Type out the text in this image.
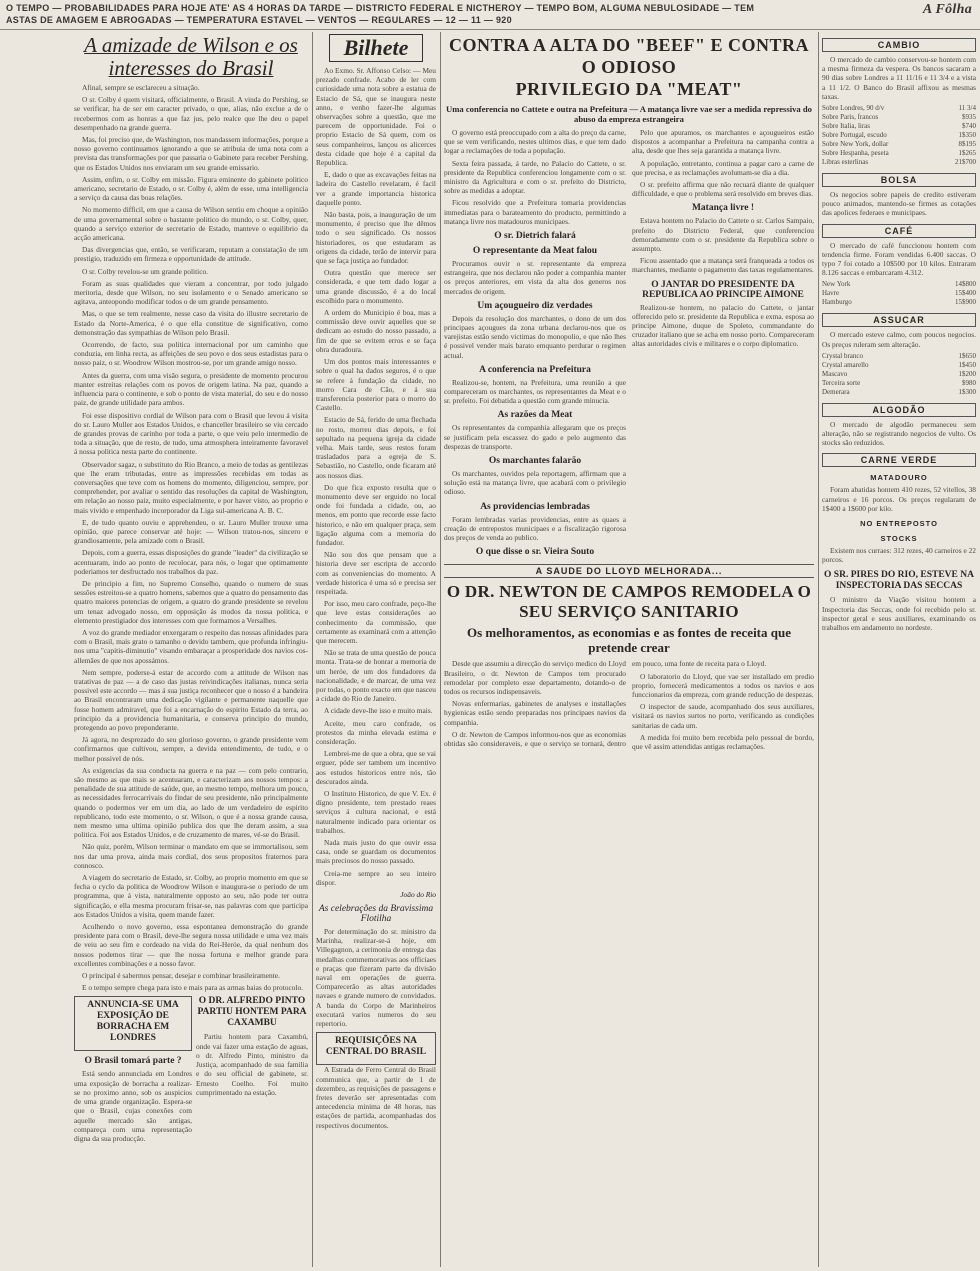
O TEMPO — PROBABILIDADES PARA HOJE ATE' AS 4 HORAS DA TARDE — DISTRICTO FEDERAL E NICTHEROY — TEMPO BOM, ALGUMA NEBULOSIDADE — TEM
ASTAS DE AMAGEM E ABROGADAS — TEMPERATURA ESTAVEL — VENTOS — REGULARES — 12 — 11 — 920
A Fôlha
A amizade de Wilson e os interesses do Brasil

Afinal, sempre se esclareceu a situação.

O sr. Colby é quem visitará, officialmente, o Brasil. A vinda do Pershing, se se verificar, ha de ser em caracter privado, o que, alias, não exclue a de o recebermos com as honras a que faz jus, pelo realce que lhe deu o papel desempenhado na grande guerra.

Mas, foi preciso que, de Washington, nos mandassem informações, porque a nosso governo continuamos ignorando a que se atribuia de uma nota com a prevista das transformações por que passaria o Gabinete para receber Pershing, que os Estados Unidos nos enviaram um seu grande emissario.

Assim, enfim, o sr. Colby em missão. Figura eminente do gabinete politico americano, secretario de Estado, o sr. Colby é, além de esse, uma intelligencia a serviço da causa das boas relações.

No momento difficil, em que a causa de Wilson sentiu em choque a opinião de uma governamental sobre o bastante politico do mundo, o sr. Colby, quer, quando a serviço exterior de secretario de Estado, manteve o equilibrio da acção americana.

Das divergencias que, então, se verificaram, reputam a constatação de um prestigio, traduzido em firmeza e opportunidade de attitude.

O sr. Colby revelou-se um grande politico.

Foram as suas qualidades que vieram a concentrar, por todo julgado meritoria, desde que Wilson, no seu isolamento e o Senado americano se agitava, anteopondo modificar todos o de um grande pensamento.

Mas, o que se tem realmente, nesse caso da visita do illustre secretario de Estado da Norte-America, é o que ella constitue de significativo, como demonstração das sympathias de Wilson pelo Brasil.

Ocorrendo, de facto, sua politica internacional por um caminho que conduzia, em linha recta, as affeições de seu povo e dos seus estadistas para o nosso paiz, o sr. Woodrow Wilson mostrou-se, por um grande amigo nosso.

Antes da guerra, com uma visão segura, o presidente de momento procurou manter estreitas relações com os povos de origem latina. Na paz, quando a influencia para o continente, e sob o ponto de vista material, do seu e do nosso paiz, de grande utilidade para ambos.

Foi esse dispositivo cordial de Wilson para com o Brasil que levou á visita do sr. Lauro Muller aos Estados Unidos, e chanceller brasileiro se viu cercado de grandes provas de carinho por toda a parte, o que veiu pelo intermedio de toda a situação, que de resto, de tudo, uma atmosphera inteiramente favoravel á nossa politica nesta parte do continente.

Observador sagaz, o substituto do Rio Branco, a meio de todas as gentilezas que lhe eram tributadas, entre as impressões recebidas em todas as conversações que teve com os homens do momento, diligenciou, sempre, por comprehender, por avaliar o sentido das resoluções da capital de Washington, em relação ao nosso paiz, muito especialmente, e por haver visto, ao proprio e mais vivido e empenhado incorporador da Liga sul-americana A. B. C.

E, de tudo quanto ouviu e apprehendeu, o sr. Lauro Muller trouxe uma opinião, que parece conservar até hoje: — Wilson tratou-nos, sincero e grandiosamente, pela amizade com o Brasil.

Depois, com a guerra, essas disposições do grande "leader" da civilização se acentuaram, indo ao ponto de recolocar, para nós, o logar que optimamente poderiamos ter desfructado nos trabalhos da paz.

De principio a fim, no Supremo Conselho, quando o numero de suas sessões estreitou-se a quatro homens, sabemos que a quatro do pensamento das quatro maiores potencias de origem, a quatro do grande presidente se revelou um tenaz advogado nosso, em opposição ás modos da nossa politica, e elemento prestigiador dos interesses com que formamos a Versalhes.

A voz do grande mediador enxergaram o respeito das nossas afinidades para com o Brasil, mais grato o tamanho o devido tambem, que profunda infringiu-nos uma "capitis-diminutio" visando embaraçar a prosperidade dos navios cos-allemães de que nos apossámos.

Nem sempre, poderse-á estar de accordo com a attitude de Wilson nas tratativas de paz — a de caso das justas reivindicações italianas, nunca seria possivel este accordo — mas á sua justiça reconhecer que o nosso é a bandeira ao Brasil encontraram uma dedicação vigilante e permanente naquelle que fosse homem admiravel, que foi a encarnação do espirito Estado da terra, ao principio da a providencia humanitaria, e conserva principio do mundo, protegendo ao povo preponderante.

Já agora, no desprezado do seu glorioso governo, o grande presidente vem confirmarnos que cultivou, sempre, a devida entendimento, de tudo, e o melhor possivel de nós.

As exigencias da sua conducta na guerra e na paz — com pelo contrario, são mesmo as que mais se acentuaram, e caracterizam aos nossos tempos: a penalidade de sua attitude de saúde, que, ao mesmo tempo, melhora um pouco, as necessidades ferrocarrivais do findar de seu presidente, não principalmente quando o podermos ver em um dia, ao lado de um verdadeiro de espirito republicano, todo este momento, o sr. Wilson, o que é a nossa grande causa, nem mesmo uma ultima opinião publica dos que lhe deram assim, a sua politica. Foi aos Estados Unidos, e de cruzamento de mares, vé-se do Brasil.

Não quiz, porém, Wilson terminar o mandato em que se immortalisou, sem nos dar uma prova, ainda mais cordial, dos seus propositos fraternos para connosco.

A viagem do secretario de Estado, sr. Colby, ao proprio momento em que se fecha o cyclo da politica de Woodrow Wilson e inaugura-se o periodo de um programma, que á vista, naturalmente opposto ao seu, não pode ter outra significação, e ella mesma procuram frisar-se, nas palavras com que participa aos Estados Unidos a visita, quem mande fazer.

Acolhendo o novo governo, essa espontanea demonstração do grande presidente para com o Brasil, deve-lhe segura nossa utilidade e uma vez mais de veiu ao seu fim e cordeado na vida do Rei-Heróe, da qual nenhum dos nossos podemos tirar — que lhe nossa fortuna e melhor grande para excellentes combinações e a nosso favor.

O principal é sabermos pensar, desejar e combinar brasileiramente.

E o tempo sempre chega para isto e mais para as armas baias do protocolo.

ANNUNCIA-SE UMA EXPOSIÇÃO DE BORRACHA EM LONDRES
O Brasil tomará parte ?

Está sendo annunciada em Londres uma exposição de borracha a realizar-se no proximo anno, sob os auspicios de uma grande organização. Espera-se que o Brasil, cujas conexões com aquelle mercado são antigas, compareça com uma representação digna da sua producção.

O DR. ALFREDO PINTO PARTIU HONTEM PARA CAXAMBU

Partiu hontem para Caxambú, onde vai fazer uma estação de aguas, o dr. Alfredo Pinto, ministro da Justiça, acompanhado de sua familia e do seu official de gabinete, sr. Ernesto Coelho. Foi muito cumprimentado na estação.

Bilhete

Ao Exmo. Sr. Affonso Celso: — Meu prezado confrade. Acabo de ler com curiosidade uma nota sobre a estatua de Estacio de Sá, que se inaugura neste anno, e venho fazer-lhe algumas observações sobre a questão, que me parecem de opportunidade. Foi o proprio Estacio de Sá quem, com os seus companheiros, lançou os alicerces desta cidade que hoje é a capital da Republica.

E, dado o que as excavações feitas na ladeira do Castello revelaram, é facil ver a grande importancia historica daquelle ponto.

Não basta, pois, a inauguração de um monumento, é preciso que lhe dêmos todo o seu significado. Os nossos historiadores, os que estudaram as origens da cidade, terão de intervir para que se faça justiça ao fundador.

Outra questão que merece ser considerada, e que tem dado logar a uma grande discussão, é a do local escolhido para o monumento.

A ordem do Municipio é boa, mas a commissão deve ouvir aquelles que se dedicam ao estudo do nosso passado, a fim de que se evitem erros e se faça obra duradoura.

Um dos pontos mais interessantes e sobre o qual ha dados seguros, é o que se refere á fundação da cidade, no morro Cara de Cão, e á sua transferencia posterior para o morro do Castello.

Estacio de Sá, ferido de uma flechada no rosto, morreu dias depois, e foi sepultado na pequena igreja da cidade velha. Mais tarde, seus restos foram trasladados para a egreja de S. Sebastião, no Castello, onde ficaram até aos nossos dias.

Do que fica exposto resulta que o monumento deve ser erguido no local onde foi fundada a cidade, ou, ao menos, em ponto que recorde esse facto historico, e não em qualquer praça, sem ligação alguma com a memoria do fundador.

Não sou dos que pensam que a historia deve ser escripta de accordo com as conveniencias do momento. A verdade historica é uma só e precisa ser respeitada.

Por isso, meu caro confrade, peço-lhe que leve estas considerações ao conhecimento da commissão, que certamente as examinará com a attenção que merecem.

Não se trata de uma questão de pouca monta. Trata-se de honrar a memoria de um heróe, de um dos fundadores da nacionalidade, e de marcar, de uma vez por todas, o ponto exacto em que nasceu a cidade do Rio de Janeiro.

A cidade deve-lhe isso e muito mais.

Aceite, meu caro confrade, os protestos da minha elevada estima e consideração.

Lembrei-me de que a obra, que se vai erguer, póde ser tambem um incentivo aos estudos historicos entre nós, tão descurados ainda.

O Instituto Historico, de que V. Ex. é digno presidente, tem prestado reaes serviços á cultura nacional, e está naturalmente indicado para orientar os trabalhos.

Nada mais justo do que ouvir essa casa, onde se guardam os documentos mais preciosos do nosso passado.

Creia-me sempre ao seu inteiro dispor.

João do Rio
As celebrações da Bravissima Flotilha

Por determinação do sr. ministro da Marinha, realizar-se-á hoje, em Villegagnon, a cerimonia de entrega das medalhas commemorativas aos officiaes e praças que fizeram parte da divisão naval em operações de guerra. Comparecerão as altas autoridades navaes e grande numero de convidados. A banda do Corpo de Marinheiros executará varios numeros do seu repertorio.

REQUISIÇÕES NA CENTRAL DO BRASIL

A Estrada de Ferro Central do Brasil communica que, a partir de 1 de dezembro, as requisições de passagens e fretes deverão ser apresentadas com antecedencia minima de 48 horas, nas estações de partida, acompanhadas dos respectivos documentos.

CONTRA A ALTA DO "BEEF" E CONTRA O ODIOSO
PRIVILEGIO DA "MEAT"
Uma conferencia no Cattete e outra na Prefeitura — A matança livre vae ser a medida repressiva do abuso da empreza estrangeira

O governo está preoccupado com a alta do preço da carne, que se vem verificando, nestes ultimos dias, e que tem dado logar a reclamações de toda a população.

Sexta feira passada, á tarde, no Palacio do Cattete, o sr. presidente da Republica conferenciou longamente com o sr. ministro da Agricultura e com o sr. prefeito do Districto, sobre as medidas a adoptar.

Ficou resolvido que a Prefeitura tomaria providencias immediatas para o barateamento do producto, permittindo a matança livre nos matadouros municipaes.

O sr. Dietrich falará
O representante da Meat falou

Procuramos ouvir o sr. representante da empreza estrangeira, que nos declarou não poder a companhia manter os preços anteriores, em vista da alta dos generos nos mercados de origem.

Um açougueiro diz verdades

Depois da resolução dos marchantes, o dono de um dos principaes açougues da zona urbana declarou-nos que os varejistas estão sendo victimas do monopolio, e que não lhes é possivel vender mais barato emquanto perdurar o regimen actual.

A conferencia na Prefeitura

Realizou-se, hontem, na Prefeitura, uma reunião a que compareceram os marchantes, os representantes da Meat e o sr. prefeito. Foi debatida a questão com grande minucia.

As razões da Meat

Os representantes da companhia allegaram que os preços se justificam pela escassez do gado e pelo augmento das despezas de transporte.

Os marchantes falarão

Os marchantes, ouvidos pela reportagem, affirmam que a solução está na matança livre, que acabará com o privilegio odioso.

As providencias lembradas

Foram lembradas varias providencias, entre as quaes a creação de entrepostos municipaes e a fiscalização rigorosa dos preços de venda ao publico.

O que disse o sr. Vieira Souto

Pelo que apuramos, os marchantes e açougueiros estão dispostos a acompanhar a Prefeitura na campanha contra a alta, desde que lhes seja garantida a matança livre.

A população, entretanto, continua a pagar caro a carne de que precisa, e as reclamações avolumam-se dia a dia.

O sr. prefeito affirma que não recuará diante de qualquer difficuldade, e que o problema será resolvido em breves dias.

Matança livre !

Estava hontem no Palacio do Cattete o sr. Carlos Sampaio, prefeito do Districto Federal, que conferenciou demoradamente com o sr. presidente da Republica sobre o assumpto.

Ficou assentado que a matança será franqueada a todos os marchantes, mediante o pagamento das taxas regulamentares.

O JANTAR DO PRESIDENTE DA REPUBLICA AO PRINCIPE AIMONE

Realizou-se hontem, no palacio do Cattete, o jantar offerecido pelo sr. presidente da Republica e exma. esposa ao principe Aimone, duque de Spoleto, commandante do cruzador italiano que se acha em nosso porto. Compareceram altas autoridades civis e militares e o corpo diplomatico.

A SAUDE DO LLOYD MELHORADA...
O DR. NEWTON DE CAMPOS REMODELA O SEU SERVIÇO SANITARIO
Os melhoramentos, as economias e as fontes de receita que pretende crear

Desde que assumiu a direcção do serviço medico do Lloyd Brasileiro, o dr. Newton de Campos tem procurado remodelar por completo esse departamento, dotando-o de todos os recursos indispensaveis.

Novas enfermarias, gabinetes de analyses e installações hygienicas estão sendo preparadas nos principaes navios da companhia.

O dr. Newton de Campos informou-nos que as economias obtidas são consideraveis, e que o serviço se tornará, dentro em pouco, uma fonte de receita para o Lloyd.

O laboratorio do Lloyd, que vae ser installado em predio proprio, fornecerá medicamentos a todos os navios e aos funccionarios da empreza, com grande reducção de despezas.

O inspector de saude, acompanhado dos seus auxiliares, visitará os navios surtos no porto, verificando as condições sanitarias de cada um.

A medida foi muito bem recebida pelo pessoal de bordo, que vê assim attendidas antigas reclamações.

CAMBIO

O mercado de cambio conservou-se hontem com a mesma firmeza da vespera. Os bancos sacaram a 90 dias sobre Londres a 11 11/16 e 11 3/4 e a vista a 11 1/2. O Banco do Brasil affixou as mesmas taxas.

Sobre Londres, 90 d/v	11 3/4
Sobre Paris, francos	$935
Sobre Italia, liras	$740
Sobre Portugal, escudo	1$350
Sobre New York, dollar	8$195
Sobre Hespanha, peseta	1$265
Libras esterlinas	21$700
BOLSA

Os negocios sobre papeis de credito estiveram pouco animados, mantendo-se firmes as cotações das apolices federaes e municipaes.

CAFÉ

O mercado de café funccionou hontem com tendencia firme. Foram vendidas 6.400 saccas. O typo 7 foi cotado a 10$500 por 10 kilos. Entraram 8.126 saccas e embarcaram 4.312.

New York	14$800
Havre	15$400
Hamburgo	15$900
ASSUCAR

O mercado esteve calmo, com poucos negocios. Os preços ruleram sem alteração.

Crystal branco	1$650
Crystal amarello	1$450
Mascavo	1$200
Terceira sorte	$980
Demerara	1$300
ALGODÃO

O mercado de algodão permaneceu sem alteração, não se registrando negocios de vulto. Os stocks são reduzidos.

CARNE VERDE
MATADOURO

Foram abatidas hontem 410 rezes, 52 vitellos, 38 carneiros e 16 porcos. Os preços regularam de 1$400 a 1$600 por kilo.

NO ENTREPOSTO
STOCKS

Existem nos curraes: 312 rezes, 40 carneiros e 22 porcos.

O SR. PIRES DO RIO, ESTEVE NA INSPECTORIA DAS SECCAS

O ministro da Viação visitou hontem a Inspectoria das Seccas, onde foi recebido pelo sr. inspector geral e seus auxiliares, examinando os trabalhos em andamento no nordeste.
